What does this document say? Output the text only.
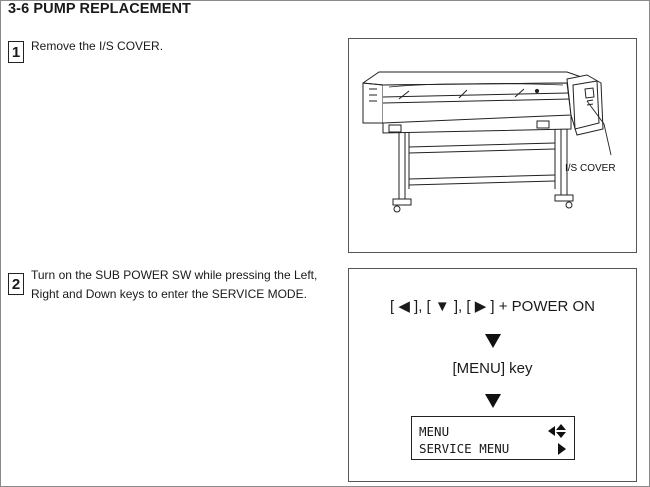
3-6 PUMP REPLACEMENT
1 Remove the I/S COVER.
I/S COVER
2
Turn on the SUB POWER SW while pressing the Left,
Right and Down keys to enter the SERVICE MODE.
[ ◀ ], [ ▼ ], [ ▶ ] + POWER ON
[MENU] key
MENU
SERVICE MENU
